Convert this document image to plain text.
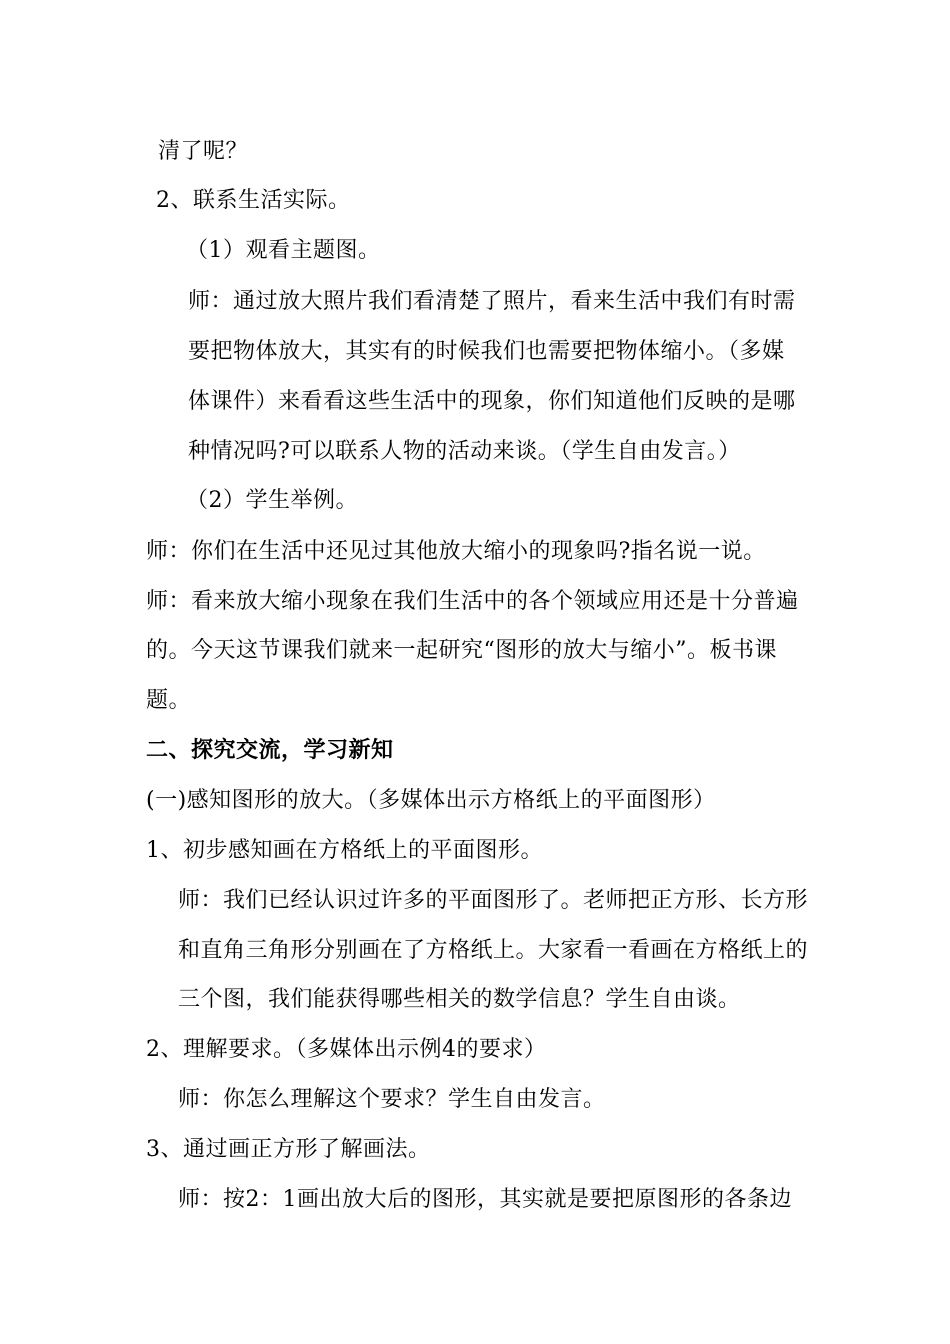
清了呢？
2、联系生活实际。
（1）观看主题图。
师：通过放大照片我们看清楚了照片，看来生活中我们有时需
要把物体放大，其实有的时候我们也需要把物体缩小。（多媒
体课件）来看看这些生活中的现象，你们知道他们反映的是哪
种情况吗?可以联系人物的活动来谈。（学生自由发言。）
（2）学生举例。
师：你们在生活中还见过其他放大缩小的现象吗?指名说一说。
师：看来放大缩小现象在我们生活中的各个领域应用还是十分普遍
的。今天这节课我们就来一起研究“图形的放大与缩小”。板书课
题。
二、探究交流，学习新知
(一)感知图形的放大。（多媒体出示方格纸上的平面图形）
1、初步感知画在方格纸上的平面图形。
师：我们已经认识过许多的平面图形了。老师把正方形、长方形
和直角三角形分别画在了方格纸上。大家看一看画在方格纸上的
三个图，我们能获得哪些相关的数学信息？学生自由谈。
2、理解要求。（多媒体出示例4的要求）
师：你怎么理解这个要求？学生自由发言。
3、通过画正方形了解画法。
师：按2：1画出放大后的图形，其实就是要把原图形的各条边
